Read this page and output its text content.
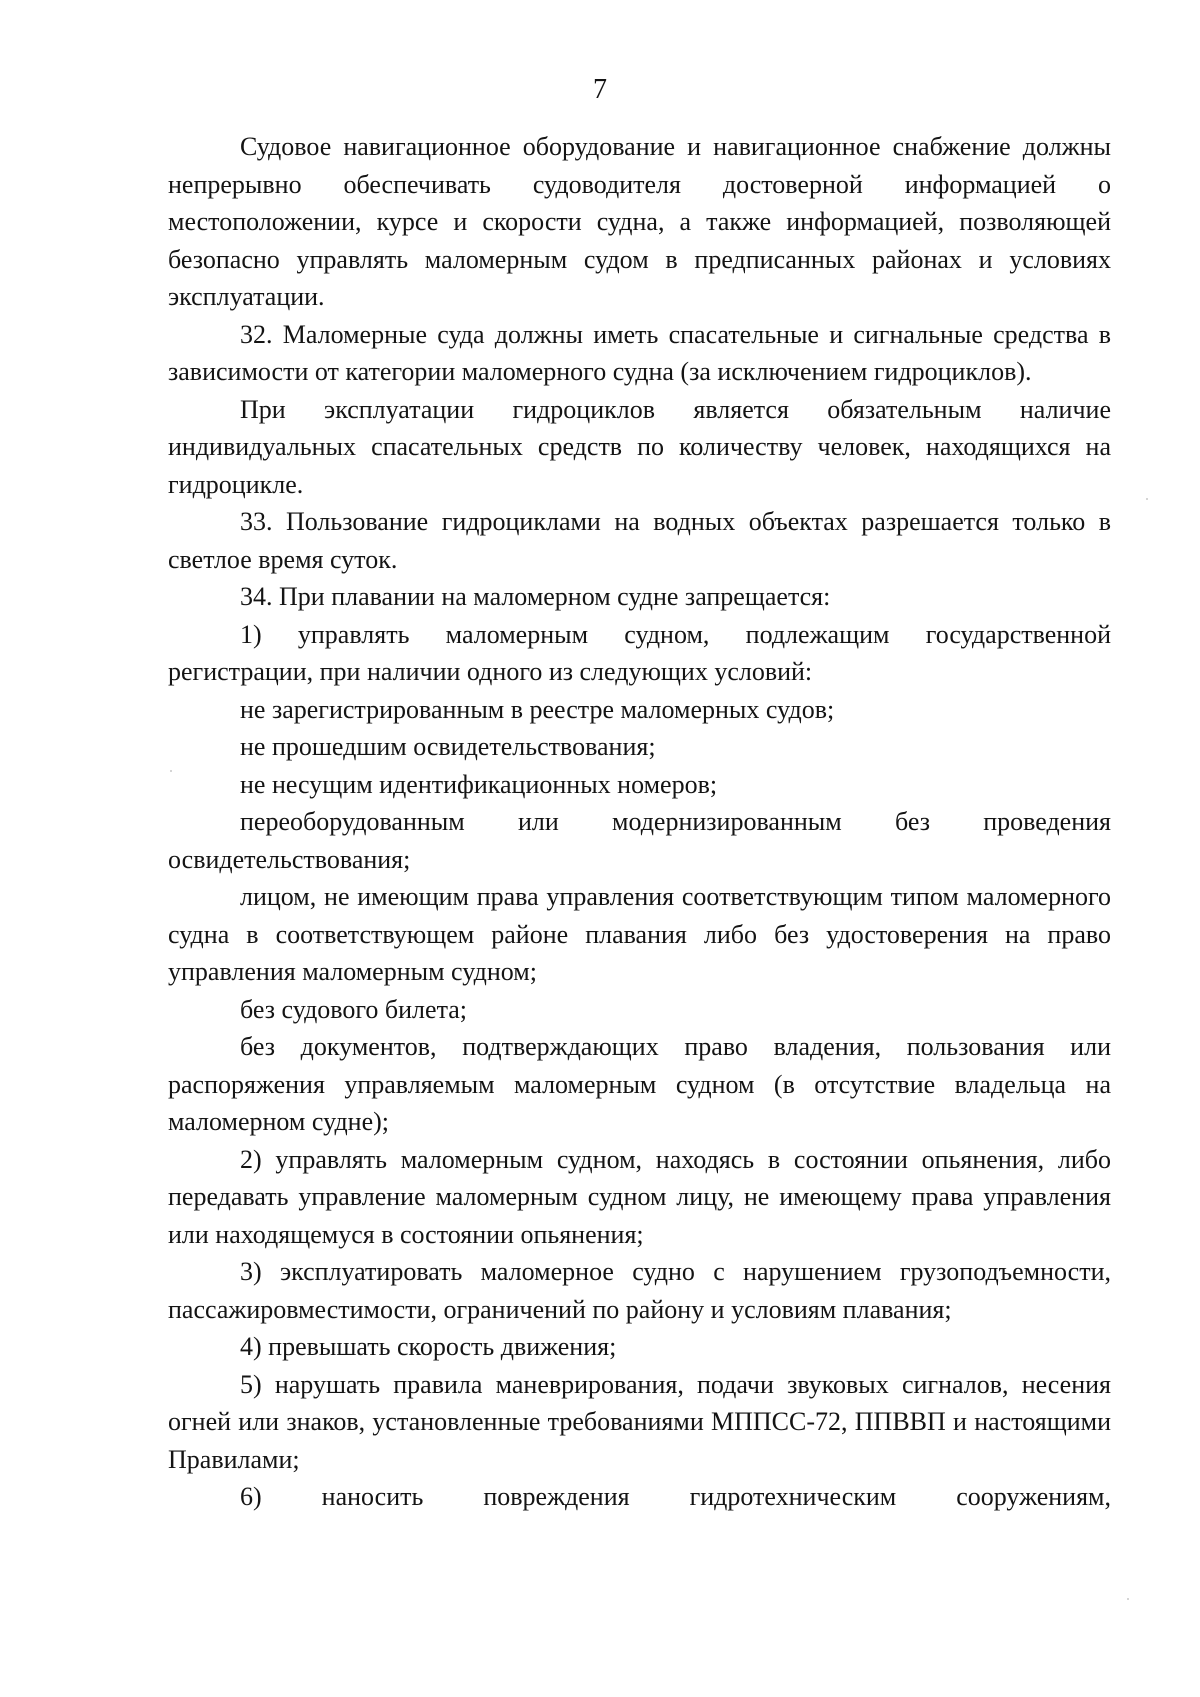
7

Судовое навигационное оборудование и навигационное снабжение должны непрерывно обеспечивать судоводителя достоверной информацией о местоположении, курсе и скорости судна, а также информацией, позволяющей безопасно управлять маломерным судом в предписанных районах и условиях эксплуатации.

32. Маломерные суда должны иметь спасательные и сигнальные средства в зависимости от категории маломерного судна (за исключением гидроциклов).

При эксплуатации гидроциклов является обязательным наличие индивидуальных спасательных средств по количеству человек, находящихся на гидроцикле.

33. Пользование гидроциклами на водных объектах разрешается только в светлое время суток.

34. При плавании на маломерном судне запрещается:

1) управлять маломерным судном, подлежащим государственной регистрации, при наличии одного из следующих условий:

не зарегистрированным в реестре маломерных судов;

не прошедшим освидетельствования;

не несущим идентификационных номеров;

переоборудованным или модернизированным без проведения освидетельствования;

лицом, не имеющим права управления соответствующим типом маломерного судна в соответствующем районе плавания либо без удостоверения на право управления маломерным судном;

без судового билета;

без документов, подтверждающих право владения, пользования или распоряжения управляемым маломерным судном (в отсутствие владельца на маломерном судне);

2) управлять маломерным судном, находясь в состоянии опьянения, либо передавать управление маломерным судном лицу, не имеющему права управления или находящемуся в состоянии опьянения;

3) эксплуатировать маломерное судно с нарушением грузоподъемности, пассажировместимости, ограничений по району и условиям плавания;

4) превышать скорость движения;

5) нарушать правила маневрирования, подачи звуковых сигналов, несения огней или знаков, установленные требованиями МППСС-72, ППВВП и настоящими Правилами;

6) наносить повреждения гидротехническим сооружениям,
